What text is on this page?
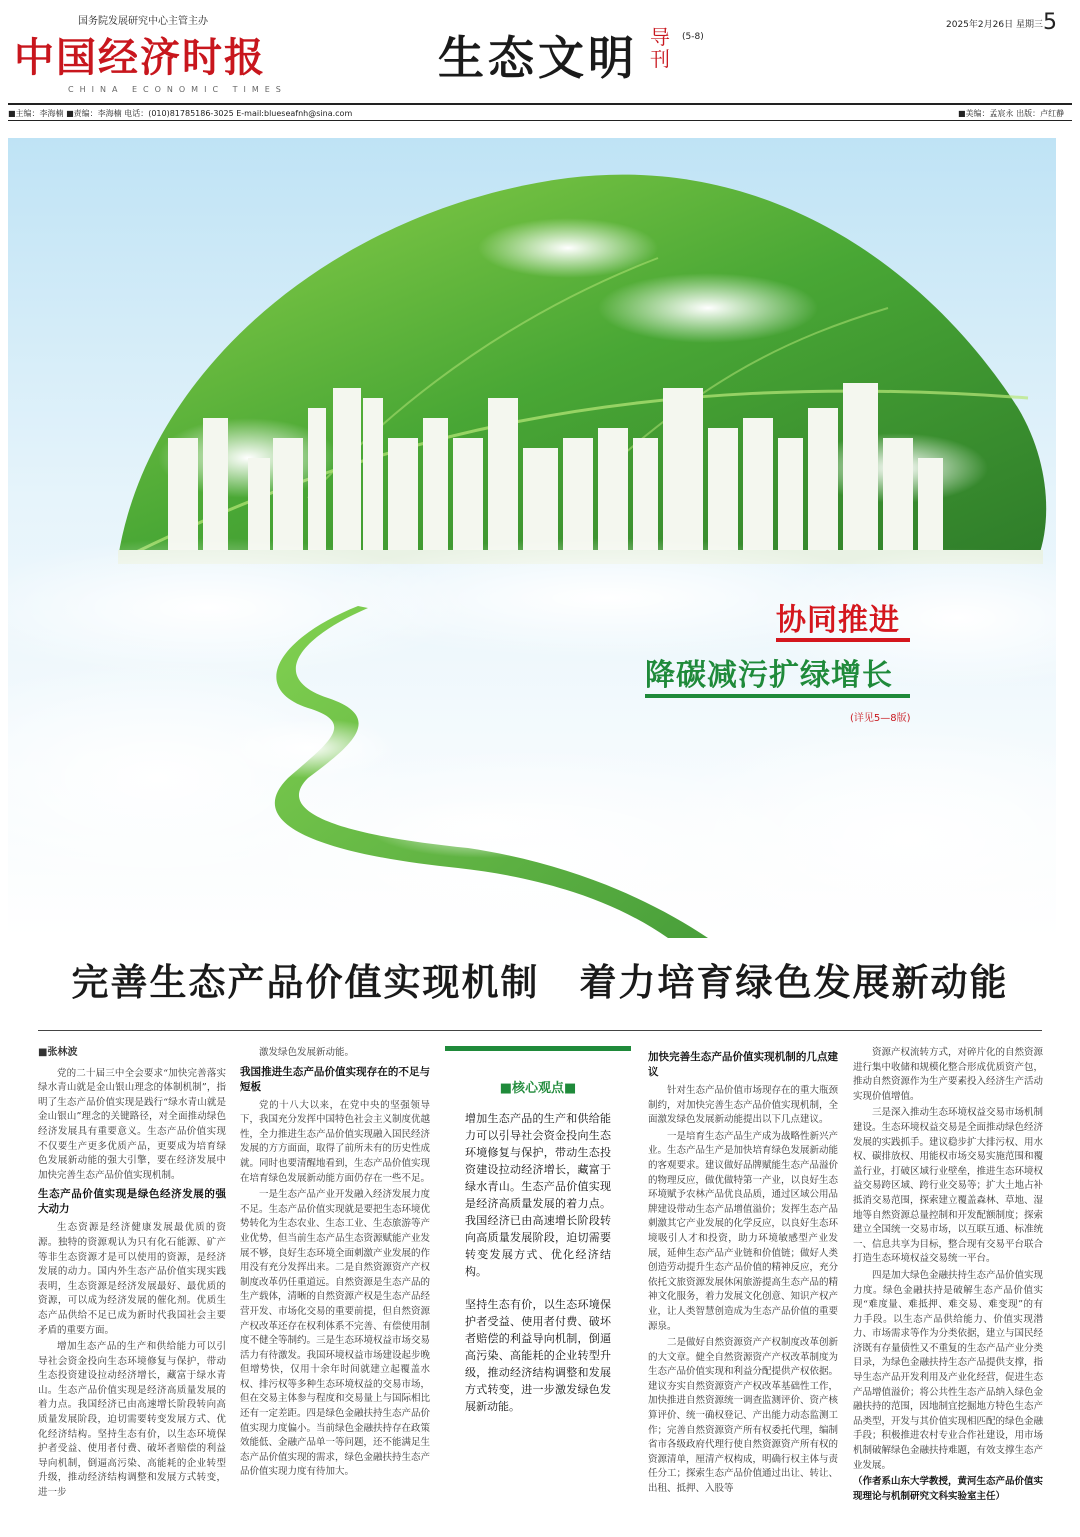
国务院发展研究中心主管主办
中国经济时报
CHINA ECONOMIC TIMES
生态文明 导刊
(5-8)
2025年2月26日 星期三 5
■主编：李海楠 ■责编：李海楠 电话：(010)81785186-3025 E-mail:blueseafnh@sina.com	■美编：孟宸永 出版：卢红静
协同推进
降碳减污扩绿增长
(详见5—8版)
完善生态产品价值实现机制 着力培育绿色发展新动能
■张林波

党的二十届三中全会要求“加快完善落实绿水青山就是金山银山理念的体制机制”，指明了生态产品价值实现是践行“绿水青山就是金山银山”理念的关键路径，对全面推动绿色经济发展具有重要意义。生态产品价值实现不仅要生产更多优质产品，更要成为培育绿色发展新动能的强大引擎，要在经济发展中加快完善生态产品价值实现机制。

生态产品价值实现是绿色经济发展的强大动力

生态资源是经济健康发展最优质的资源。独特的资源观认为只有化石能源、矿产等非生态资源才是可以使用的资源，是经济发展的动力。国内外生态产品价值实现实践表明，生态资源是经济发展最好、最优质的资源，可以成为经济发展的催化剂。优质生态产品供给不足已成为新时代我国社会主要矛盾的重要方面。

增加生态产品的生产和供给能力可以引导社会资金投向生态环境修复与保护，带动生态投资建设拉动经济增长，藏富于绿水青山。生态产品价值实现是经济高质量发展的着力点。我国经济已由高速增长阶段转向高质量发展阶段，迫切需要转变发展方式、优化经济结构。坚持生态有价，以生态环境保护者受益、使用者付费、破坏者赔偿的利益导向机制，倒逼高污染、高能耗的企业转型升级，推动经济结构调整和发展方式转变，进一步

激发绿色发展新动能。

我国推进生态产品价值实现存在的不足与短板

党的十八大以来，在党中央的坚强领导下，我国充分发挥中国特色社会主义制度优越性，全力推进生态产品价值实现融入国民经济发展的方方面面，取得了前所未有的历史性成就。同时也要清醒地看到，生态产品价值实现在培育绿色发展新动能方面仍存在一些不足。

一是生态产品产业开发融入经济发展力度不足。生态产品价值实现就是要把生态环境优势转化为生态农业、生态工业、生态旅游等产业优势，但当前生态产品生态资源赋能产业发展不够，良好生态环境全面刺激产业发展的作用没有充分发挥出来。二是自然资源资产产权制度改革仍任重道远。自然资源是生态产品的生产载体，清晰的自然资源产权是生态产品经营开发、市场化交易的重要前提，但自然资源产权改革还存在权利体系不完善、有偿使用制度不健全等制约。三是生态环境权益市场交易活力有待激发。我国环境权益市场建设起步晚但增势快，仅用十余年时间就建立起覆盖水权、排污权等多种生态环境权益的交易市场，但在交易主体参与程度和交易量上与国际相比还有一定差距。四是绿色金融扶持生态产品价值实现力度偏小。当前绿色金融扶持存在政策效能低、金融产品单一等问题，还不能满足生态产品价值实现的需求，绿色金融扶持生态产品价值实现力度有待加大。

■核心观点■

增加生态产品的生产和供给能力可以引导社会资金投向生态环境修复与保护，带动生态投资建设拉动经济增长，藏富于绿水青山。生态产品价值实现是经济高质量发展的着力点。我国经济已由高速增长阶段转向高质量发展阶段，迫切需要转变发展方式、优化经济结构。

坚持生态有价，以生态环境保护者受益、使用者付费、破坏者赔偿的利益导向机制，倒逼高污染、高能耗的企业转型升级，推动经济结构调整和发展方式转变，进一步激发绿色发展新动能。

加快完善生态产品价值实现机制的几点建议

针对生态产品价值市场现存在的重大瓶颈制约，对加快完善生态产品价值实现机制，全面激发绿色发展新动能提出以下几点建议。

一是培育生态产品生产成为战略性新兴产业。生态产品生产是加快培育绿色发展新动能的客观要求。建议做好品牌赋能生态产品溢价的物理反应，做优做特第一产业，以良好生态环境赋予农林产品优良品质，通过区域公用品牌建设带动生态产品增值溢价；发挥生态产品刺激其它产业发展的化学反应，以良好生态环境吸引人才和投资，助力环境敏感型产业发展，延伸生态产品产业链和价值链；做好人类创造劳动提升生态产品价值的精神反应，充分依托文旅资源发展休闲旅游提高生态产品的精神文化服务，着力发展文化创意、知识产权产业，让人类智慧创造成为生态产品价值的重要源泉。

二是做好自然资源资产产权制度改革创新的大文章。健全自然资源资产产权改革制度为生态产品价值实现和利益分配提供产权依据。建议夯实自然资源资产产权改革基础性工作，加快推进自然资源统一调查监测评价、资产核算评价、统一确权登记、产出能力动态监测工作；完善自然资源资产所有权委托代理，编制省市各级政府代理行使自然资源资产所有权的资源清单，厘清产权构成，明确行权主体与责任分工；探索生态产品价值通过出让、转让、出租、抵押、入股等

资源产权流转方式，对碎片化的自然资源进行集中收储和规模化整合形成优质资产包，推动自然资源作为生产要素投入经济生产活动实现价值增值。

三是深入推动生态环境权益交易市场机制建设。生态环境权益交易是全面推动绿色经济发展的实践抓手。建议稳步扩大排污权、用水权、碳排放权、用能权市场交易实施范围和覆盖行业，打破区域行业壁垒，推进生态环境权益交易跨区域、跨行业交易等；扩大土地占补抵消交易范围，探索建立覆盖森林、草地、湿地等自然资源总量控制和开发配额制度；探索建立全国统一交易市场，以互联互通、标准统一、信息共享为目标，整合现有交易平台联合打造生态环境权益交易统一平台。

四是加大绿色金融扶持生态产品价值实现力度。绿色金融扶持是破解生态产品价值实现“难度量、难抵押、难交易、难变现”的有力手段。以生态产品供给能力、价值实现潜力、市场需求等作为分类依据，建立与国民经济既有存量债性又不重复的生态产品产业分类目录，为绿色金融扶持生态产品提供支撑，指导生态产品开发利用及产业化经营，促进生态产品增值溢价；将公共性生态产品纳入绿色金融扶持的范围，因地制宜挖掘地方特色生态产品类型，开发与其价值实现相匹配的绿色金融手段；积极推进农村专业合作社建设，用市场机制破解绿色金融扶持难题，有效支撑生态产业发展。

（作者系山东大学教授，黄河生态产品价值实现理论与机制研究文科实验室主任）
